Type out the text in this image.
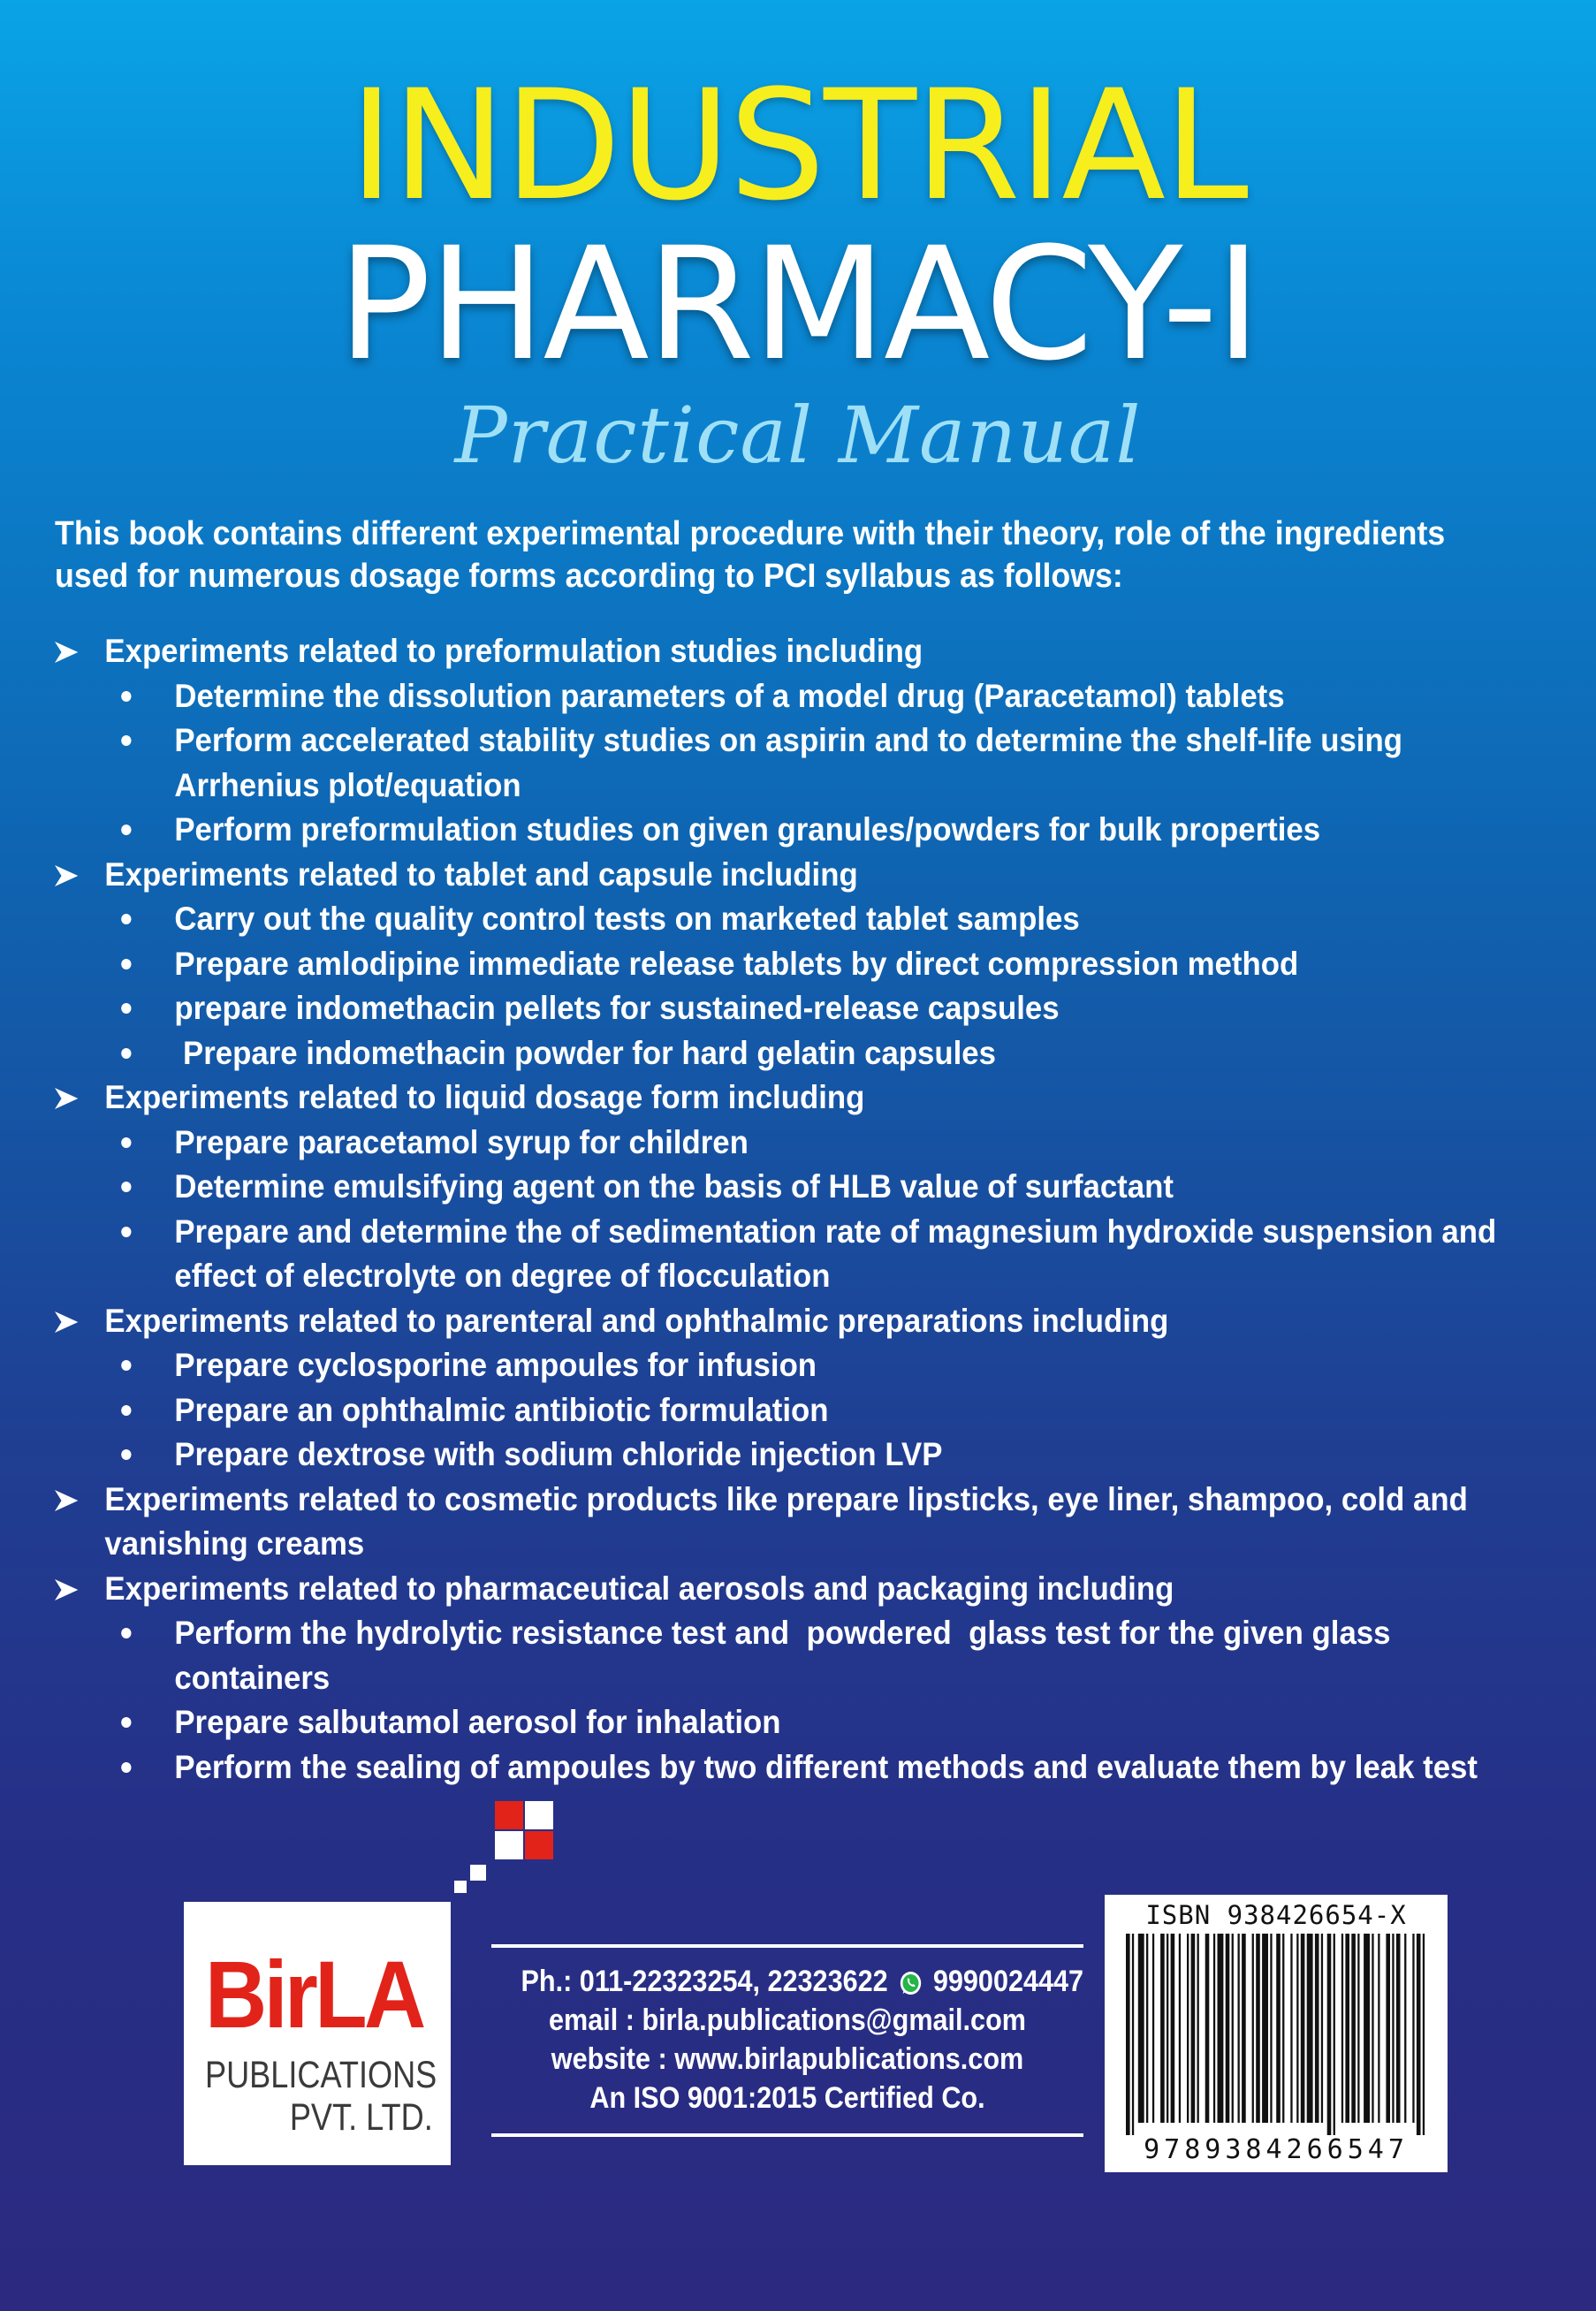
INDUSTRIAL
PHARMACY-I
Practical Manual
This book contains different experimental procedure with their theory, role of the ingredients used for numerous dosage forms according to PCI syllabus as follows:
Experiments related to preformulation studies including
Determine the dissolution parameters of a model drug (Paracetamol) tablets
Perform accelerated stability studies on aspirin and to determine the shelf-life using Arrhenius plot/equation
Perform preformulation studies on given granules/powders for bulk properties
Experiments related to tablet and capsule including
Carry out the quality control tests on marketed tablet samples
Prepare amlodipine immediate release tablets by direct compression method
prepare indomethacin pellets for sustained-release capsules
Prepare indomethacin powder for hard gelatin capsules
Experiments related to liquid dosage form including
Prepare paracetamol syrup for children
Determine emulsifying agent on the basis of HLB value of surfactant
Prepare and determine the of sedimentation rate of magnesium hydroxide suspension and effect of electrolyte on degree of flocculation
Experiments related to parenteral and ophthalmic preparations including
Prepare cyclosporine ampoules for infusion
Prepare an ophthalmic antibiotic formulation
Prepare dextrose with sodium chloride injection LVP
Experiments related to cosmetic products like prepare lipsticks, eye liner, shampoo, cold and vanishing creams
Experiments related to pharmaceutical aerosols and packaging including
Perform the hydrolytic resistance test and  powdered  glass test for the given glass containers
Prepare salbutamol aerosol for inhalation
Perform the sealing of ampoules by two different methods and evaluate them by leak test
BirLA
PUBLICATIONS
PVT. LTD.
Ph.: 011-22323254, 22323622 9990024447
email : birla.publications@gmail.com
website : www.birlapublications.com
An ISO 9001:2015 Certified Co.
ISBN 938426654-X
9789384266547
